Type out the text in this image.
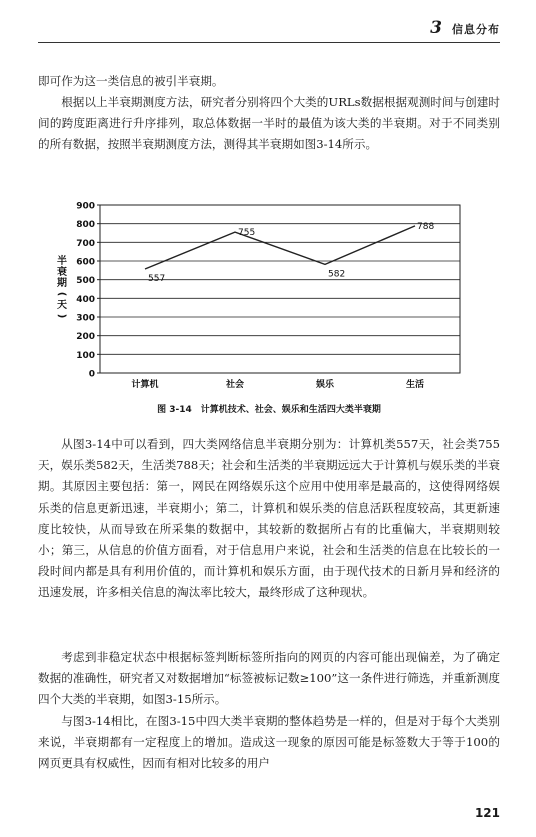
3 信息分布

即可作为这一类信息的被引半衰期。

根据以上半衰期测度方法，研究者分别将四个大类的URLs数据根据观测时间与创建时间的跨度距离进行升序排列，取总体数据一半时的最值为该大类的半衰期。对于不同类别的所有数据，按照半衰期测度方法，测得其半衰期如图3-14所示。

0
100
200
300
400
500
600
700
800
900
计算机	社会	娱乐	生活
557
755
582
788
半
衰
期
(
天
)
图 3-14　计算机技术、社会、娱乐和生活四大类半衰期

从图3-14中可以看到，四大类网络信息半衰期分别为：计算机类557天，社会类755天，娱乐类582天，生活类788天；社会和生活类的半衰期远远大于计算机与娱乐类的半衰期。其原因主要包括：第一，网民在网络娱乐这个应用中使用率是最高的，这使得网络娱乐类的信息更新迅速，半衰期小；第二，计算机和娱乐类的信息活跃程度较高，其更新速度比较快，从而导致在所采集的数据中，其较新的数据所占有的比重偏大，半衰期则较小；第三，从信息的价值方面看，对于信息用户来说，社会和生活类的信息在比较长的一段时间内都是具有利用价值的，而计算机和娱乐方面，由于现代技术的日新月异和经济的迅速发展，许多相关信息的淘汰率比较大，最终形成了这种现状。

考虑到非稳定状态中根据标签判断标签所指向的网页的内容可能出现偏差，为了确定数据的准确性，研究者又对数据增加“标签被标记数≥100”这一条件进行筛选，并重新测度四个大类的半衰期，如图3-15所示。

与图3-14相比，在图3-15中四大类半衰期的整体趋势是一样的，但是对于每个大类别来说，半衰期都有一定程度上的增加。造成这一现象的原因可能是标签数大于等于100的网页更具有权威性，因而有相对比较多的用户

121
